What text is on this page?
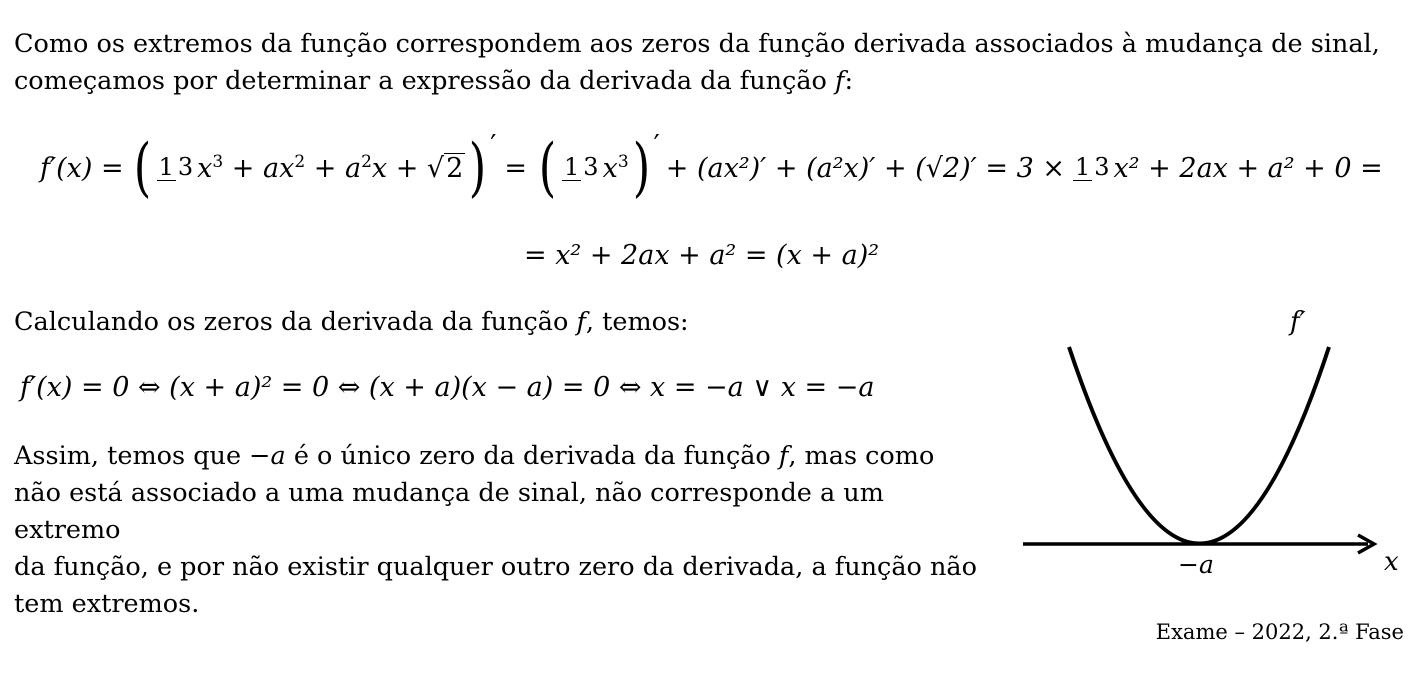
Como os extremos da função correspondem aos zeros da função derivada associados à mudança de sinal,
começamos por determinar a expressão da derivada da função f:

f′(x) = ( 1 3 $x^3 + ax^2 + a^2x + √2$ ) ′
= ( 1 3 $x^3$ ) ′
+ (ax²)′ + (a²x)′ + (√2)′ = 3 × 1 3 x² + 2ax + a² + 0 =
= x² + 2ax + a² = (x + a)²

Calculando os zeros da derivada da função f, temos:

f′(x) = 0 ⇔ (x + a)² = 0 ⇔ (x + a)(x − a) = 0 ⇔ x = −a ∨ x = −a

Assim, temos que −a é o único zero da derivada da função f, mas como
não está associado a uma mudança de sinal, não corresponde a um extremo
da função, e por não existir qualquer outro zero da derivada, a função não
tem extremos.

f′
x
−a
Exame – 2022, 2.ª Fase
